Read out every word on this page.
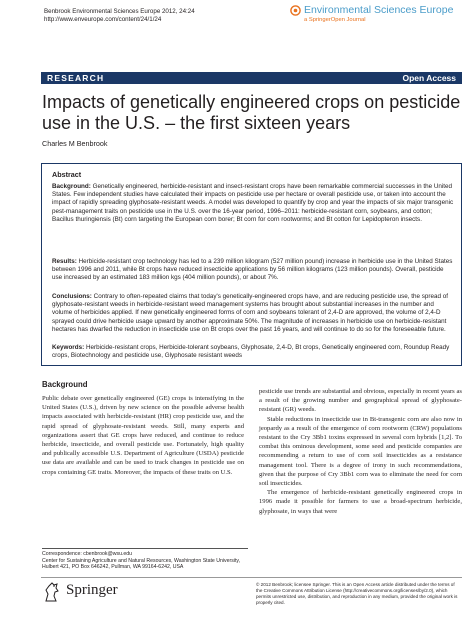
Benbrook Environmental Sciences Europe 2012, 24:24
http://www.enveurope.com/content/24/1/24
Environmental Sciences Europe
a SpringerOpen Journal
RESEARCH	Open Access
Impacts of genetically engineered crops on pesticide use in the U.S. – the first sixteen years
Charles M Benbrook
Abstract
Background: Genetically engineered, herbicide-resistant and insect-resistant crops have been remarkable commercial successes in the United States. Few independent studies have calculated their impacts on pesticide use per hectare or overall pesticide use, or taken into account the impact of rapidly spreading glyphosate-resistant weeds. A model was developed to quantify by crop and year the impacts of six major transgenic pest-management traits on pesticide use in the U.S. over the 16-year period, 1996–2011: herbicide-resistant corn, soybeans, and cotton; Bacillus thuringiensis (Bt) corn targeting the European corn borer; Bt corn for corn rootworms; and Bt cotton for Lepidopteron insects.
Results: Herbicide-resistant crop technology has led to a 239 million kilogram (527 million pound) increase in herbicide use in the United States between 1996 and 2011, while Bt crops have reduced insecticide applications by 56 million kilograms (123 million pounds). Overall, pesticide use increased by an estimated 183 million kgs (404 million pounds), or about 7%.
Conclusions: Contrary to often-repeated claims that today's genetically-engineered crops have, and are reducing pesticide use, the spread of glyphosate-resistant weeds in herbicide-resistant weed management systems has brought about substantial increases in the number and volume of herbicides applied. If new genetically engineered forms of corn and soybeans tolerant of 2,4-D are approved, the volume of 2,4-D sprayed could drive herbicide usage upward by another approximate 50%. The magnitude of increases in herbicide use on herbicide-resistant hectares has dwarfed the reduction in insecticide use on Bt crops over the past 16 years, and will continue to do so for the foreseeable future.
Keywords: Herbicide-resistant crops, Herbicide-tolerant soybeans, Glyphosate, 2,4-D, Bt crops, Genetically engineered corn, Roundup Ready crops, Biotechnology and pesticide use, Glyphosate resistant weeds
Background
Public debate over genetically engineered (GE) crops is intensifying in the United States (U.S.), driven by new science on the possible adverse health impacts associated with herbicide-resistant (HR) crop pesticide use, and the rapid spread of glyphosate-resistant weeds. Still, many experts and organizations assert that GE crops have reduced, and continue to reduce herbicide, insecticide, and overall pesticide use. Fortunately, high quality and publically accessible U.S. Department of Agriculture (USDA) pesticide use data are available and can be used to track changes in pesticide use on crops containing GE traits. Moreover, the impacts of these traits on U.S.
pesticide use trends are substantial and obvious, especially in recent years as a result of the growing number and geographical spread of glyphosate-resistant (GR) weeds.
Stable reductions in insecticide use in Bt-transgenic corn are also now in jeopardy as a result of the emergence of corn rootworm (CRW) populations resistant to the Cry 3Bb1 toxins expressed in several corn hybrids [1,2]. To combat this ominous development, some seed and pesticide companies are recommending a return to use of corn soil insecticides as a resistance management tool. There is a degree of irony in such recommendations, given that the purpose of Cry 3Bb1 corn was to eliminate the need for corn soil insecticides.
The emergence of herbicide-resistant genetically engineered crops in 1996 made it possible for farmers to use a broad-spectrum herbicide, glyphosate, in ways that were
Correspondence: cbenbrook@wsu.edu
Center for Sustaining Agriculture and Natural Resources, Washington State University, Hulbert 421, PO Box 646242, Pullman, WA 99164-6242, USA
Springer	© 2012 Benbrook; licensee Springer. This is an Open Access article distributed under the terms of the Creative Commons Attribution License (http://creativecommons.org/licenses/by/2.0), which permits unrestricted use, distribution, and reproduction in any medium, provided the original work is properly cited.
